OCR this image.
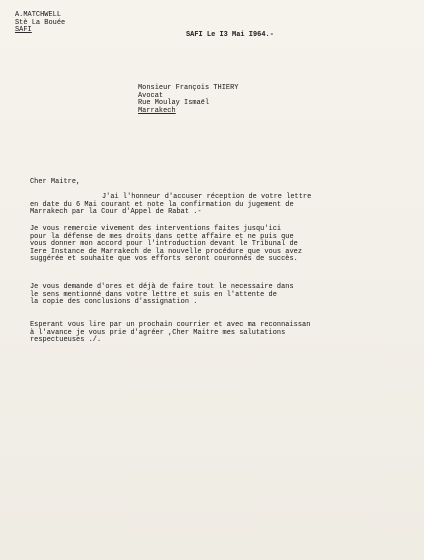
A.MATCHWELL
Stè La Bouée
SAFI
SAFI Le I3 Mai I964.-
Monsieur François THIERY
Avocat
Rue Moulay Ismaël
Marrakech
Cher Maitre,
J'ai l'honneur d'accuser réception de votre lettre
en date du 6 Mai courant et note la confirmation du jugement de
Marrakech par la Cour d'Appel de Rabat .-
Je vous remercie vivement des interventions faites jusqu'ici
pour la défense de mes droits dans cette affaire et ne puis que
vous donner mon accord pour l'introduction devant le Tribunal de
Iere Instance de Marrakech de la nouvelle procédure que vous avez
suggérée et souhaite que vos efforts seront couronnés de succès.
Je vous demande d'ores et déjà de faire tout le necessaire dans
le sens mentionné dans votre lettre et suis en l'attente de
la copie des conclusions d'assignation .
Esperant vous lire par un prochain courrier et avec ma reconnaissan
à l'avance je vous prie d'agréer ,Cher Maitre mes salutations
respectueuses ./.
